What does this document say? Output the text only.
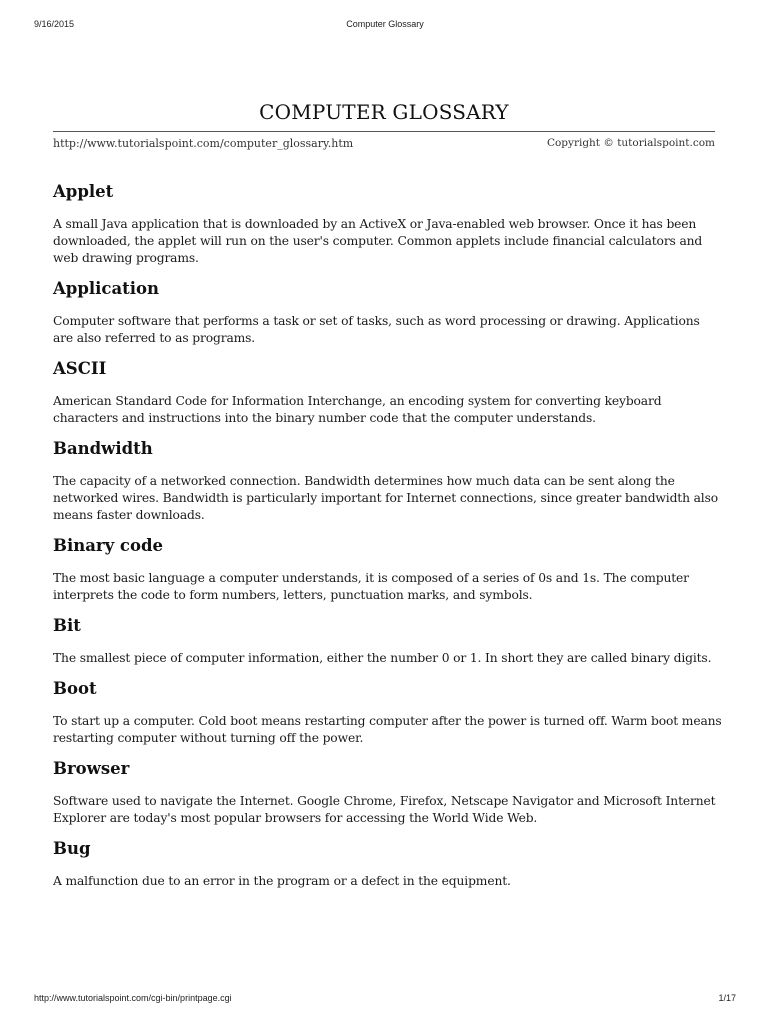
9/16/2015	Computer Glossary
COMPUTER GLOSSARY
http://www.tutorialspoint.com/computer_glossary.htm	Copyright © tutorialspoint.com
Applet
A small Java application that is downloaded by an ActiveX or Java-enabled web browser. Once it has been downloaded, the applet will run on the user's computer. Common applets include financial calculators and web drawing programs.
Application
Computer software that performs a task or set of tasks, such as word processing or drawing. Applications are also referred to as programs.
ASCII
American Standard Code for Information Interchange, an encoding system for converting keyboard characters and instructions into the binary number code that the computer understands.
Bandwidth
The capacity of a networked connection. Bandwidth determines how much data can be sent along the networked wires. Bandwidth is particularly important for Internet connections, since greater bandwidth also means faster downloads.
Binary code
The most basic language a computer understands, it is composed of a series of 0s and 1s. The computer interprets the code to form numbers, letters, punctuation marks, and symbols.
Bit
The smallest piece of computer information, either the number 0 or 1. In short they are called binary digits.
Boot
To start up a computer. Cold boot means restarting computer after the power is turned off. Warm boot means restarting computer without turning off the power.
Browser
Software used to navigate the Internet. Google Chrome, Firefox, Netscape Navigator and Microsoft Internet Explorer are today's most popular browsers for accessing the World Wide Web.
Bug
A malfunction due to an error in the program or a defect in the equipment.
http://www.tutorialspoint.com/cgi-bin/printpage.cgi	1/17
